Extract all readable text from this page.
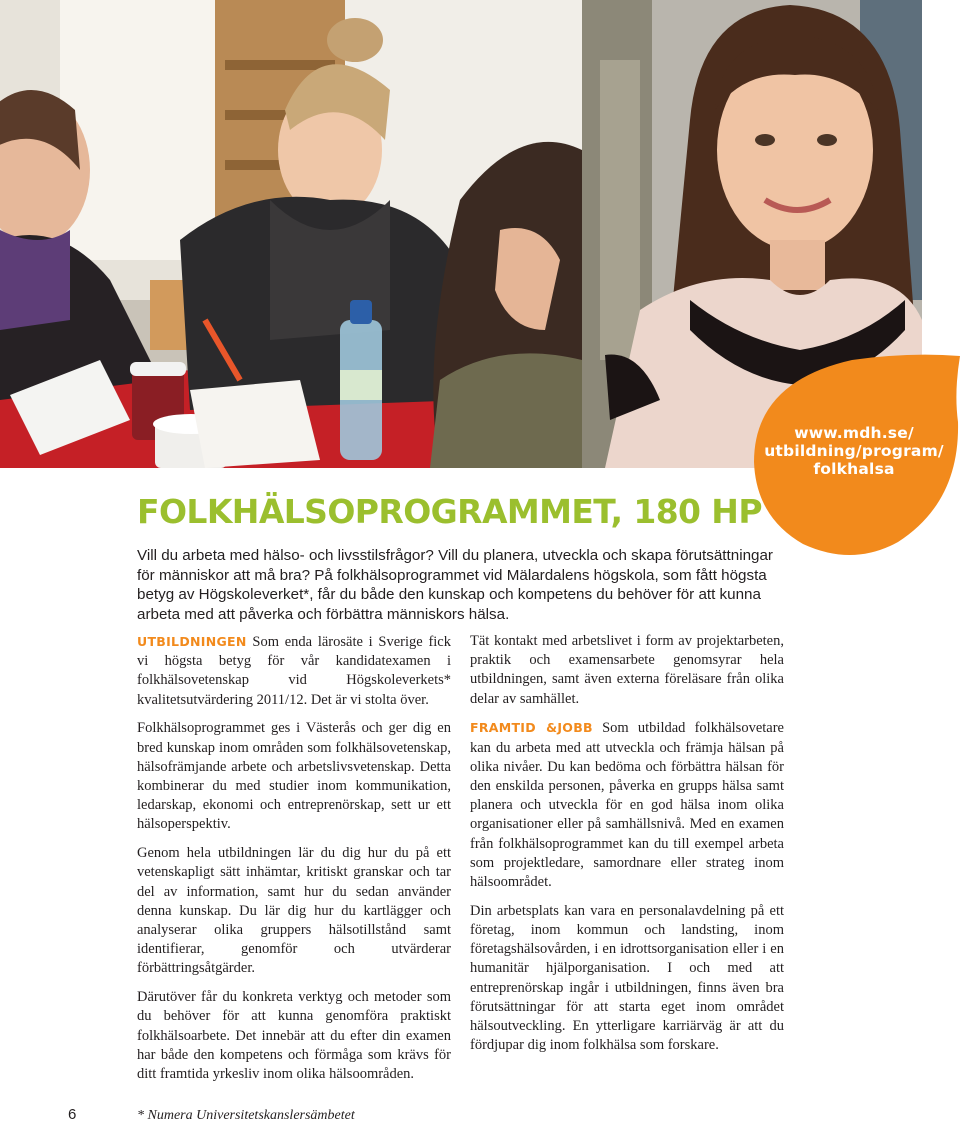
www.mdh.se/
utbildning/program/
folkhalsa
FOLKHÄLSOPROGRAMMET, 180 HP

Vill du arbeta med hälso- och livsstilsfrågor? Vill du planera, utveckla och skapa förutsättningar för människor att må bra? På folkhälsoprogrammet vid Mälardalens högskola, som fått högsta betyg av Högskoleverket*, får du både den kunskap och kompetens du behöver för att kunna arbeta med att påverka och förbättra människors hälsa.

UTBILDNINGEN Som enda lärosäte i Sverige fick vi högsta betyg för vår kandidatexamen i folkhälsovetenskap vid Högskoleverkets* kvalitetsutvärdering 2011/12. Det är vi stolta över.

Folkhälsoprogrammet ges i Västerås och ger dig en bred kunskap inom områden som folkhälsovetenskap, hälsofrämjande arbete och arbetslivsvetenskap. Detta kombinerar du med studier inom kommunikation, ledarskap, ekonomi och entreprenörskap, sett ur ett hälsoperspektiv.

Genom hela utbildningen lär du dig hur du på ett vetenskapligt sätt inhämtar, kritiskt granskar och tar del av information, samt hur du sedan använder denna kunskap. Du lär dig hur du kartlägger och analyserar olika gruppers hälsotillstånd samt identifierar, genomför och utvärderar förbättringsåtgärder.

Därutöver får du konkreta verktyg och metoder som du behöver för att kunna genomföra praktiskt folkhälsoarbete. Det innebär att du efter din examen har både den kompetens och förmåga som krävs för ditt framtida yrkesliv inom olika hälsoområden.

Tät kontakt med arbetslivet i form av projektarbeten, praktik och examensarbete genomsyrar hela utbildningen, samt även externa föreläsare från olika delar av samhället.

FRAMTID &JOBB Som utbildad folkhälsovetare kan du arbeta med att utveckla och främja hälsan på olika nivåer. Du kan bedöma och förbättra hälsan för den enskilda personen, påverka en grupps hälsa samt planera och utveckla för en god hälsa inom olika organisationer eller på samhällsnivå. Med en examen från folkhälsoprogrammet kan du till exempel arbeta som projektledare, samordnare eller strateg inom hälsoområdet.

Din arbetsplats kan vara en personalavdelning på ett företag, inom kommun och landsting, inom företagshälsovården, i en idrottsorganisation eller i en humanitär hjälporganisation. I och med att entreprenörskap ingår i utbildningen, finns även bra förutsättningar för att starta eget inom området hälsoutveckling. En ytterligare karriärväg är att du fördjupar dig inom folkhälsa som forskare.

6	* Numera Universitetskanslersämbetet
